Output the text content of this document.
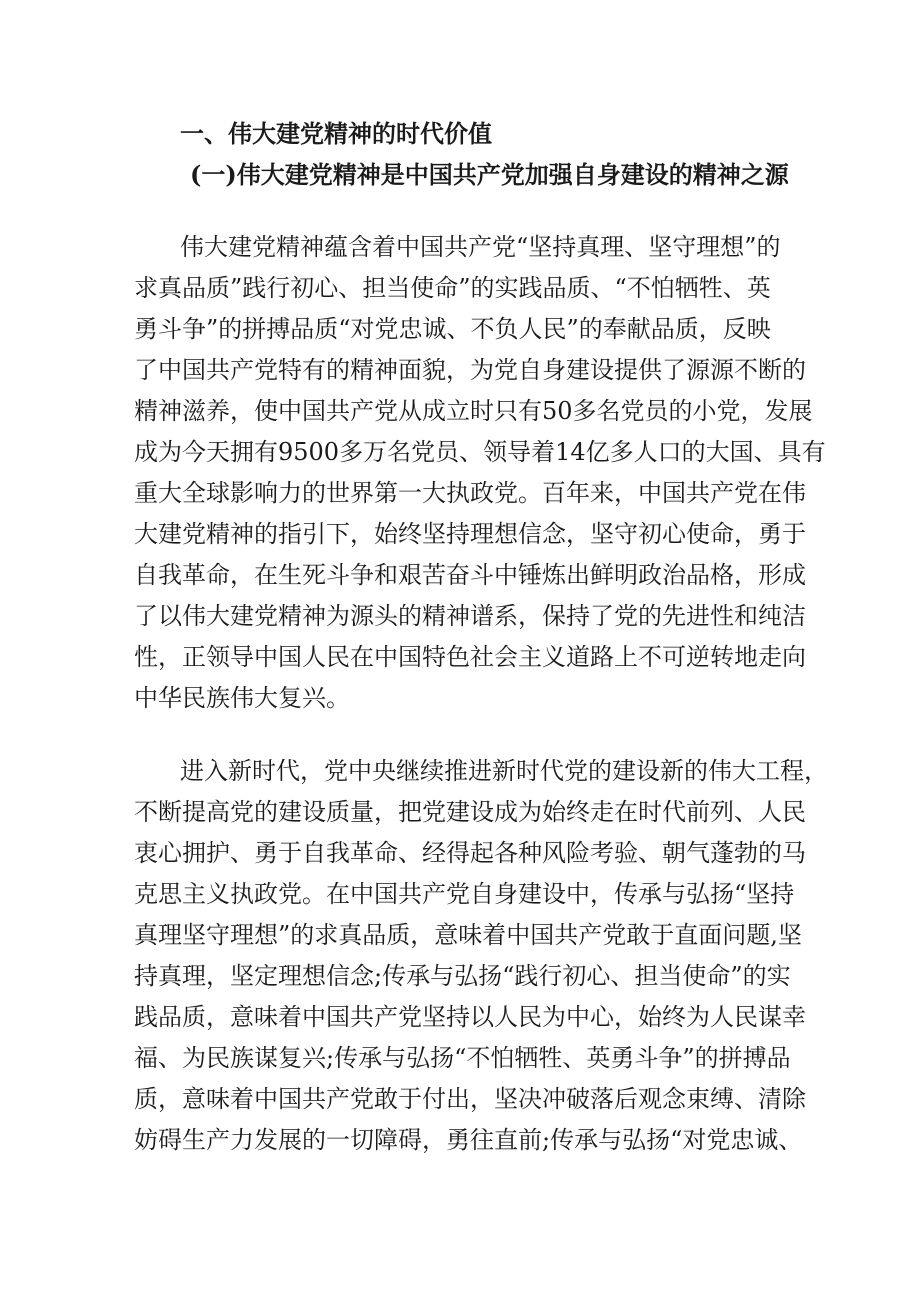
一、伟大建党精神的时代价值
(一)伟大建党精神是中国共产党加强自身建设的精神之源
伟大建党精神蕴含着中国共产党“坚持真理、坚守理想”的
求真品质”践行初心、担当使命”的实践品质、“不怕牺牲、英
勇斗争”的拼搏品质“对党忠诚、不负人民”的奉献品质，反映
了中国共产党特有的精神面貌，为党自身建设提供了源源不断的
精神滋养，使中国共产党从成立时只有50多名党员的小党，发展
成为今天拥有9500多万名党员、领导着14亿多人口的大国、具有
重大全球影响力的世界第一大执政党。百年来，中国共产党在伟
大建党精神的指引下，始终坚持理想信念，坚守初心使命，勇于
自我革命，在生死斗争和艰苦奋斗中锤炼出鲜明政治品格，形成
了以伟大建党精神为源头的精神谱系，保持了党的先进性和纯洁
性，正领导中国人民在中国特色社会主义道路上不可逆转地走向
中华民族伟大复兴。
进入新时代，党中央继续推进新时代党的建设新的伟大工程，
不断提高党的建设质量，把党建设成为始终走在时代前列、人民
衷心拥护、勇于自我革命、经得起各种风险考验、朝气蓬勃的马
克思主义执政党。在中国共产党自身建设中，传承与弘扬“坚持
真理坚守理想”的求真品质，意味着中国共产党敢于直面问题,坚
持真理，坚定理想信念;传承与弘扬“践行初心、担当使命”的实
践品质，意味着中国共产党坚持以人民为中心，始终为人民谋幸
福、为民族谋复兴;传承与弘扬“不怕牺牲、英勇斗争”的拼搏品
质，意味着中国共产党敢于付出，坚决冲破落后观念束缚、清除
妨碍生产力发展的一切障碍，勇往直前;传承与弘扬“对党忠诚、
